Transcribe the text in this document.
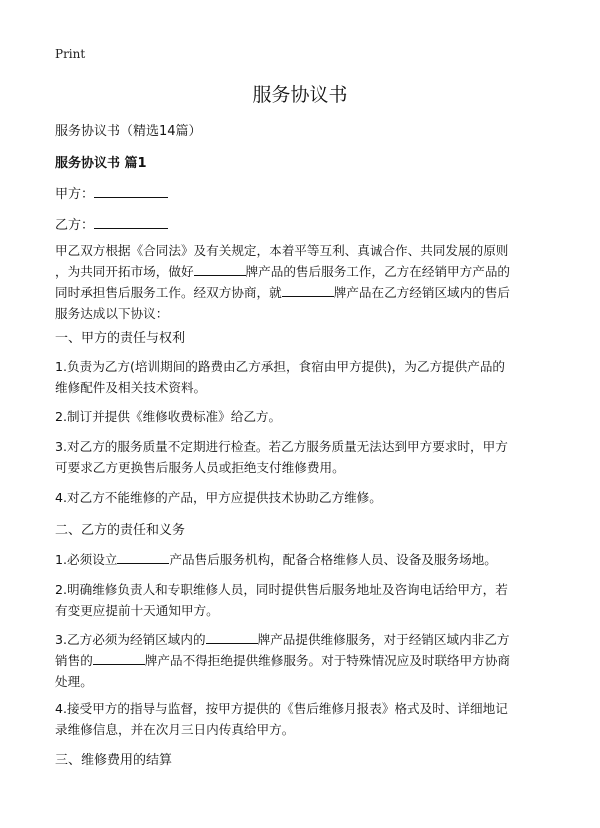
Print
服务协议书
服务协议书（精选14篇）
服务协议书 篇1
甲方：
乙方：
甲乙双方根据《合同法》及有关规定，本着平等互利、真诚合作、共同发展的原则
，为共同开拓市场，做好	牌产品的售后服务工作，乙方在经销甲方产品的
同时承担售后服务工作。经双方协商，就	牌产品在乙方经销区域内的售后
服务达成以下协议：
一、甲方的责任与权利
1.负责为乙方(培训期间的路费由乙方承担，食宿由甲方提供)，为乙方提供产品的
维修配件及相关技术资料。
2.制订并提供《维修收费标准》给乙方。
3.对乙方的服务质量不定期进行检查。若乙方服务质量无法达到甲方要求时，甲方
可要求乙方更换售后服务人员或拒绝支付维修费用。
4.对乙方不能维修的产品，甲方应提供技术协助乙方维修。
二、乙方的责任和义务
1.必须设立	产品售后服务机构，配备合格维修人员、设备及服务场地。
2.明确维修负责人和专职维修人员，同时提供售后服务地址及咨询电话给甲方，若
有变更应提前十天通知甲方。
3.乙方必须为经销区域内的	牌产品提供维修服务，对于经销区域内非乙方
销售的	牌产品不得拒绝提供维修服务。对于特殊情况应及时联络甲方协商
处理。
4.接受甲方的指导与监督，按甲方提供的《售后维修月报表》格式及时、详细地记
录维修信息，并在次月三日内传真给甲方。
三、维修费用的结算
